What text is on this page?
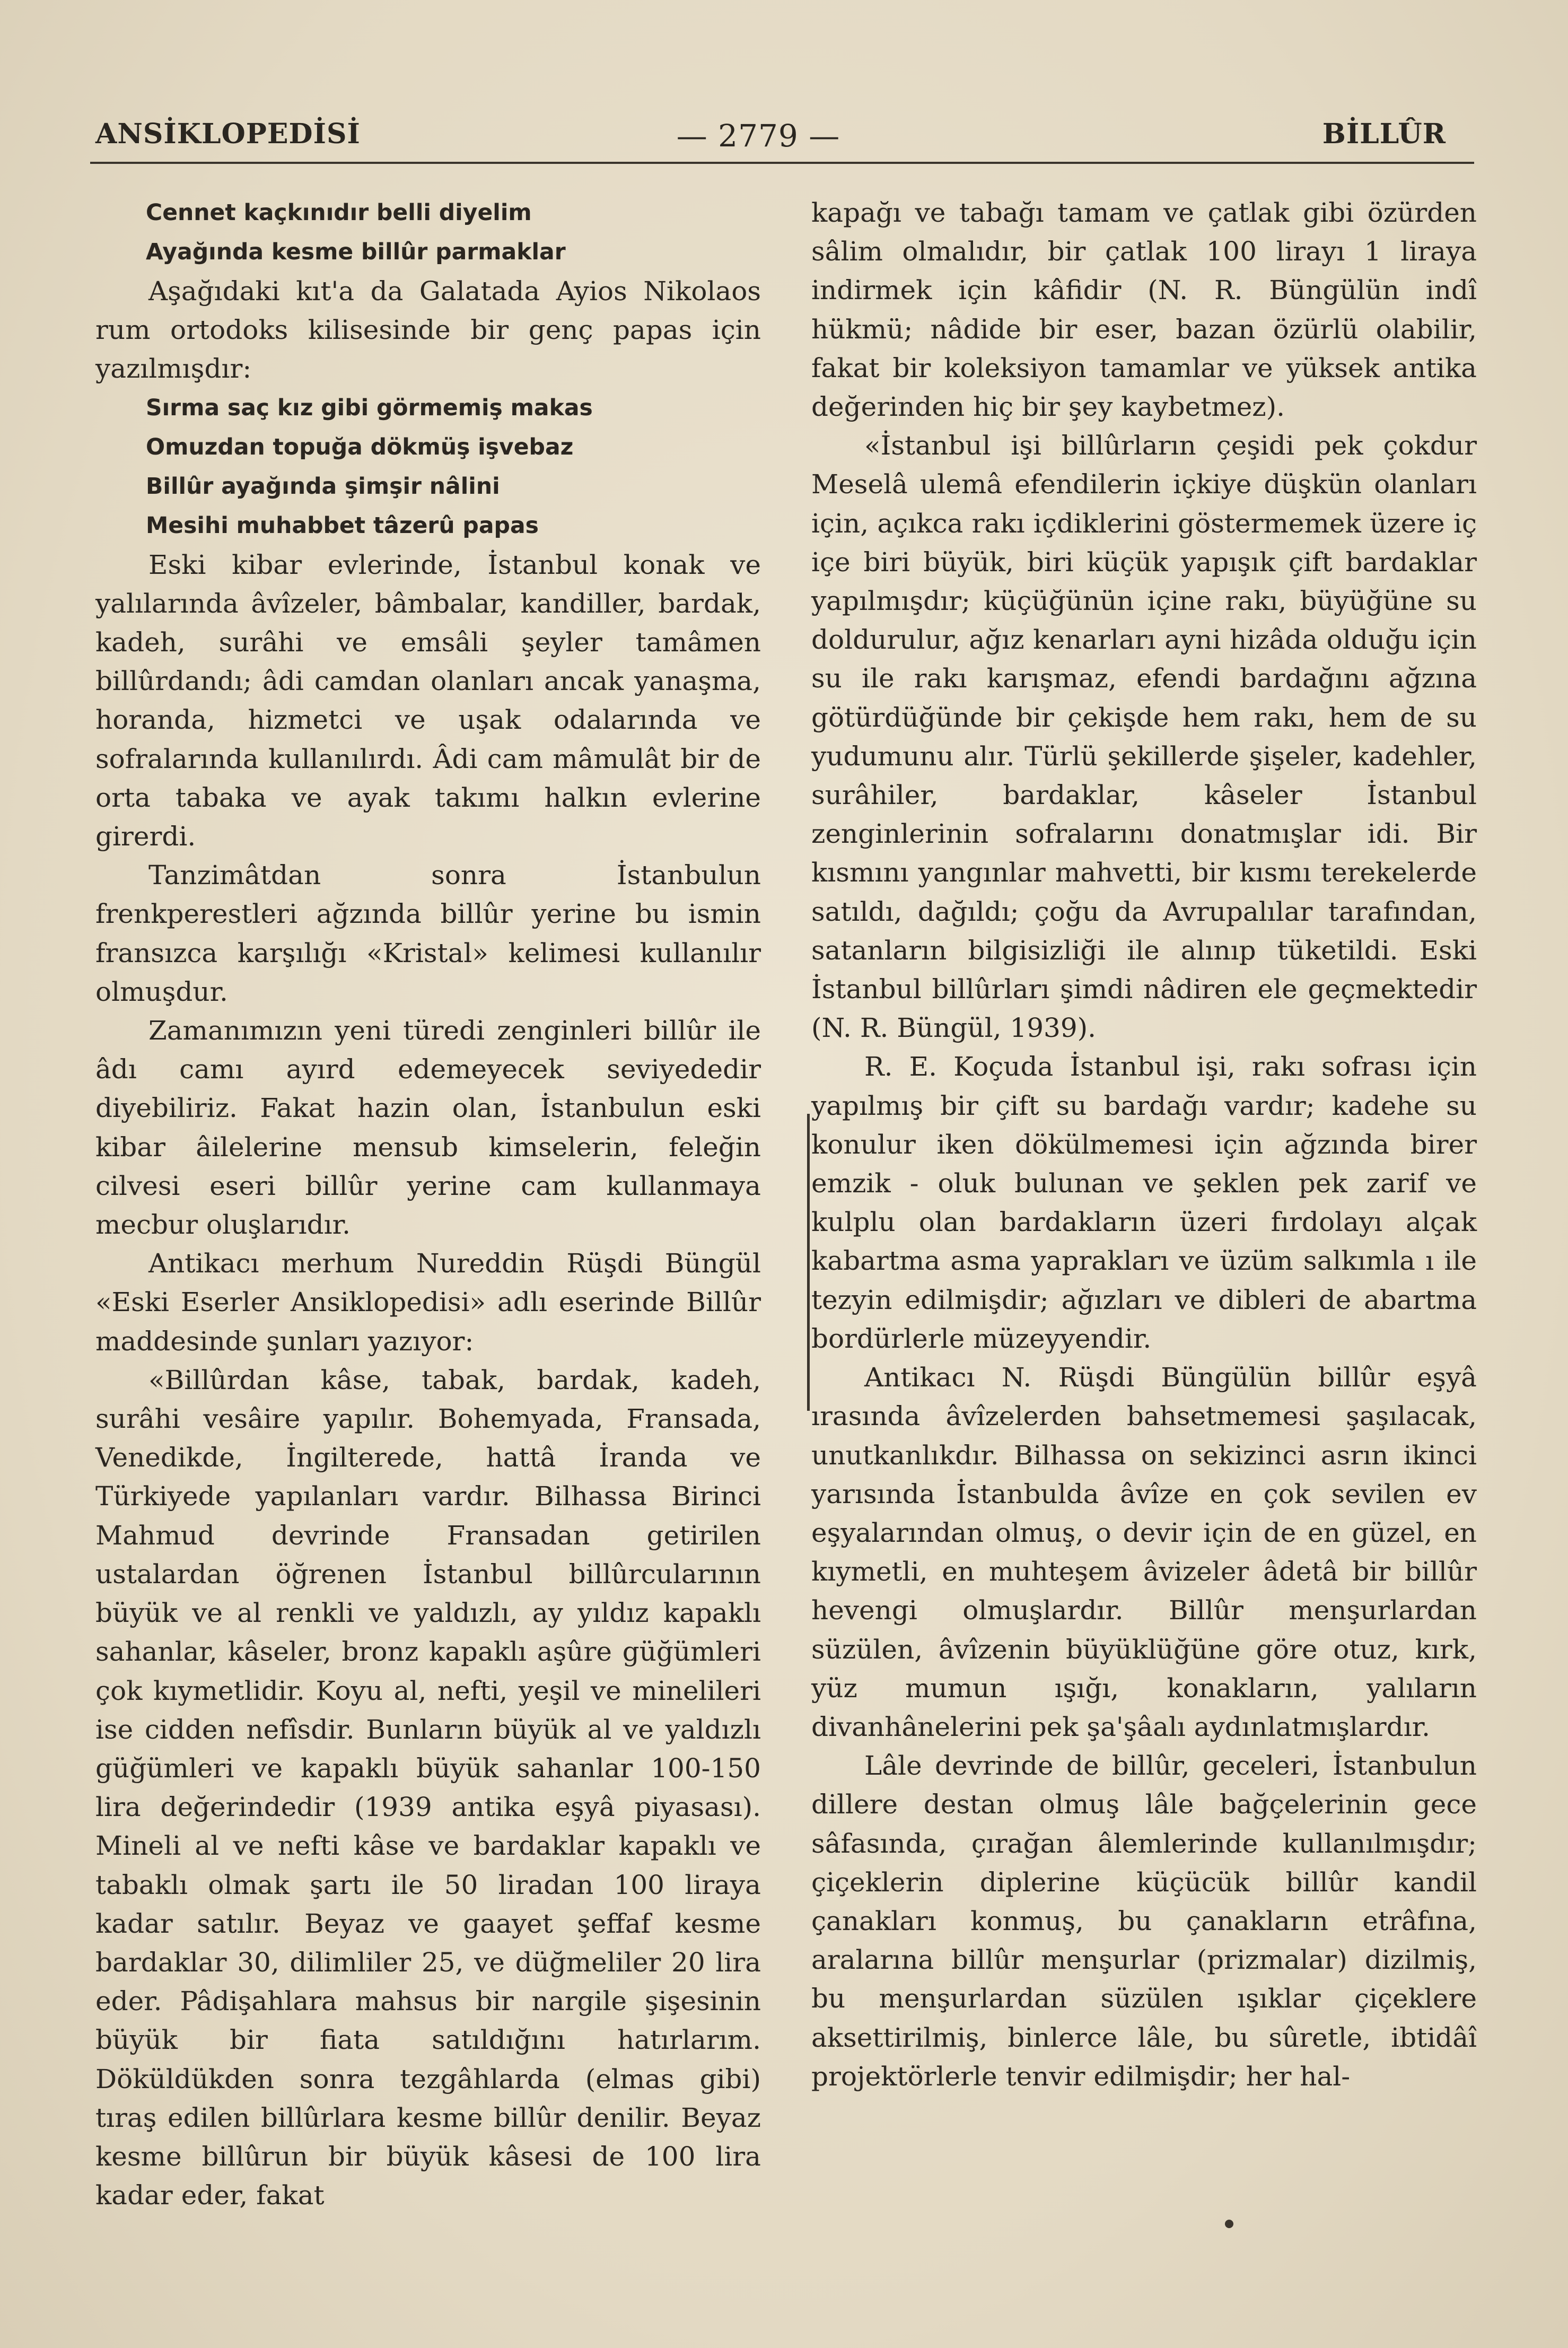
ANSİKLOPEDİSİ	— 2779 —	BİLLÛR
Cennet kaçkınıdır belli diyelim
Ayağında kesme billûr parmaklar

Aşağıdaki kıt'a da Galatada Ayios Nikolaos rum ortodoks kilisesinde bir genç papas için yazılmışdır:

Sırma saç kız gibi görmemiş makas
Omuzdan topuğa dökmüş işvebaz
Billûr ayağında şimşir nâlini
Mesihi muhabbet tâzerû papas

Eski kibar evlerinde, İstanbul konak ve yalılarında âvîzeler, bâmbalar, kandiller, bardak, kadeh, surâhi ve emsâli şeyler tamâmen billûrdandı; âdi camdan olanları ancak yanaşma, horanda, hizmetci ve uşak odalarında ve sofralarında kullanılırdı. Âdi cam mâmulât bir de orta tabaka ve ayak takımı halkın evlerine girerdi.

Tanzimâtdan sonra İstanbulun frenkperestleri ağzında billûr yerine bu ismin fransızca karşılığı «Kristal» kelimesi kullanılır olmuşdur.

Zamanımızın yeni türedi zenginleri billûr ile âdı camı ayırd edemeyecek seviyededir diyebiliriz. Fakat hazin olan, İstanbulun eski kibar âilelerine mensub kimselerin, feleğin cilvesi eseri billûr yerine cam kullanmaya mecbur oluşlarıdır.

Antikacı merhum Nureddin Rüşdi Büngül «Eski Eserler Ansiklopedisi» adlı eserinde Billûr maddesinde şunları yazıyor:

«Billûrdan kâse, tabak, bardak, kadeh, surâhi vesâire yapılır. Bohemyada, Fransada, Venedikde, İngilterede, hattâ İranda ve Türkiyede yapılanları vardır. Bilhassa Birinci Mahmud devrinde Fransadan getirilen ustalardan öğrenen İstanbul billûrcularının büyük ve al renkli ve yaldızlı, ay yıldız kapaklı sahanlar, kâseler, bronz kapaklı aşûre güğümleri çok kıymetlidir. Koyu al, nefti, yeşil ve minelileri ise cidden nefîsdir. Bunların büyük al ve yaldızlı güğümleri ve kapaklı büyük sahanlar 100-150 lira değerindedir (1939 antika eşyâ piyasası). Mineli al ve nefti kâse ve bardaklar kapaklı ve tabaklı olmak şartı ile 50 liradan 100 liraya kadar satılır. Beyaz ve gaayet şeffaf kesme bardaklar 30, dilimliler 25, ve düğmeliler 20 lira eder. Pâdişahlara mahsus bir nargile şişesinin büyük bir fiata satıldığını hatırlarım. Döküldükden sonra tezgâhlarda (elmas gibi) tıraş edilen billûrlara kesme billûr denilir. Beyaz kesme billûrun bir büyük kâsesi de 100 lira kadar eder, fakat

kapağı ve tabağı tamam ve çatlak gibi özürden sâlim olmalıdır, bir çatlak 100 lirayı 1 liraya indirmek için kâfidir (N. R. Büngülün indî hükmü; nâdide bir eser, bazan özürlü olabilir, fakat bir koleksiyon tamamlar ve yüksek antika değerinden hiç bir şey kaybetmez).

«İstanbul işi billûrların çeşidi pek çokdur Meselâ ulemâ efendilerin içkiye düşkün olanları için, açıkca rakı içdiklerini göstermemek üzere iç içe biri büyük, biri küçük yapışık çift bardaklar yapılmışdır; küçüğünün içine rakı, büyüğüne su doldurulur, ağız kenarları ayni hizâda olduğu için su ile rakı karışmaz, efendi bardağını ağzına götürdüğünde bir çekişde hem rakı, hem de su yudumunu alır. Türlü şekillerde şişeler, kadehler, surâhiler, bardaklar, kâseler İstanbul zenginlerinin sofralarını donatmışlar idi. Bir kısmını yangınlar mahvetti, bir kısmı terekelerde satıldı, dağıldı; çoğu da Avrupalılar tarafından, satanların bilgisizliği ile alınıp tüketildi. Eski İstanbul billûrları şimdi nâdiren ele geçmektedir (N. R. Büngül, 1939).

R. E. Koçuda İstanbul işi, rakı sofrası için yapılmış bir çift su bardağı vardır; kadehe su konulur iken dökülmemesi için ağzında birer emzik - oluk bulunan ve şeklen pek zarif ve kulplu olan bardakların üzeri fırdolayı alçak kabartma asma yaprakları ve üzüm salkımla ı ile tezyin edilmişdir; ağızları ve dibleri de abartma bordürlerle müzeyyendir.

Antikacı N. Rüşdi Büngülün billûr eşyâ ırasında âvîzelerden bahsetmemesi şaşılacak, unutkanlıkdır. Bilhassa on sekizinci asrın ikinci yarısında İstanbulda âvîze en çok sevilen ev eşyalarından olmuş, o devir için de en güzel, en kıymetli, en muhteşem âvizeler âdetâ bir billûr hevengi olmuşlardır. Billûr menşurlardan süzülen, âvîzenin büyüklüğüne göre otuz, kırk, yüz mumun ışığı, konakların, yalıların divanhânelerini pek şa'şâalı aydınlatmışlardır.

Lâle devrinde de billûr, geceleri, İstanbulun dillere destan olmuş lâle bağçelerinin gece sâfasında, çırağan âlemlerinde kullanılmışdır; çiçeklerin diplerine küçücük billûr kandil çanakları konmuş, bu çanakların etrâfına, aralarına billûr menşurlar (prizmalar) dizilmiş, bu menşurlardan süzülen ışıklar çiçeklere aksettirilmiş, binlerce lâle, bu sûretle, ibtidâî projektörlerle tenvir edilmişdir; her hal-
